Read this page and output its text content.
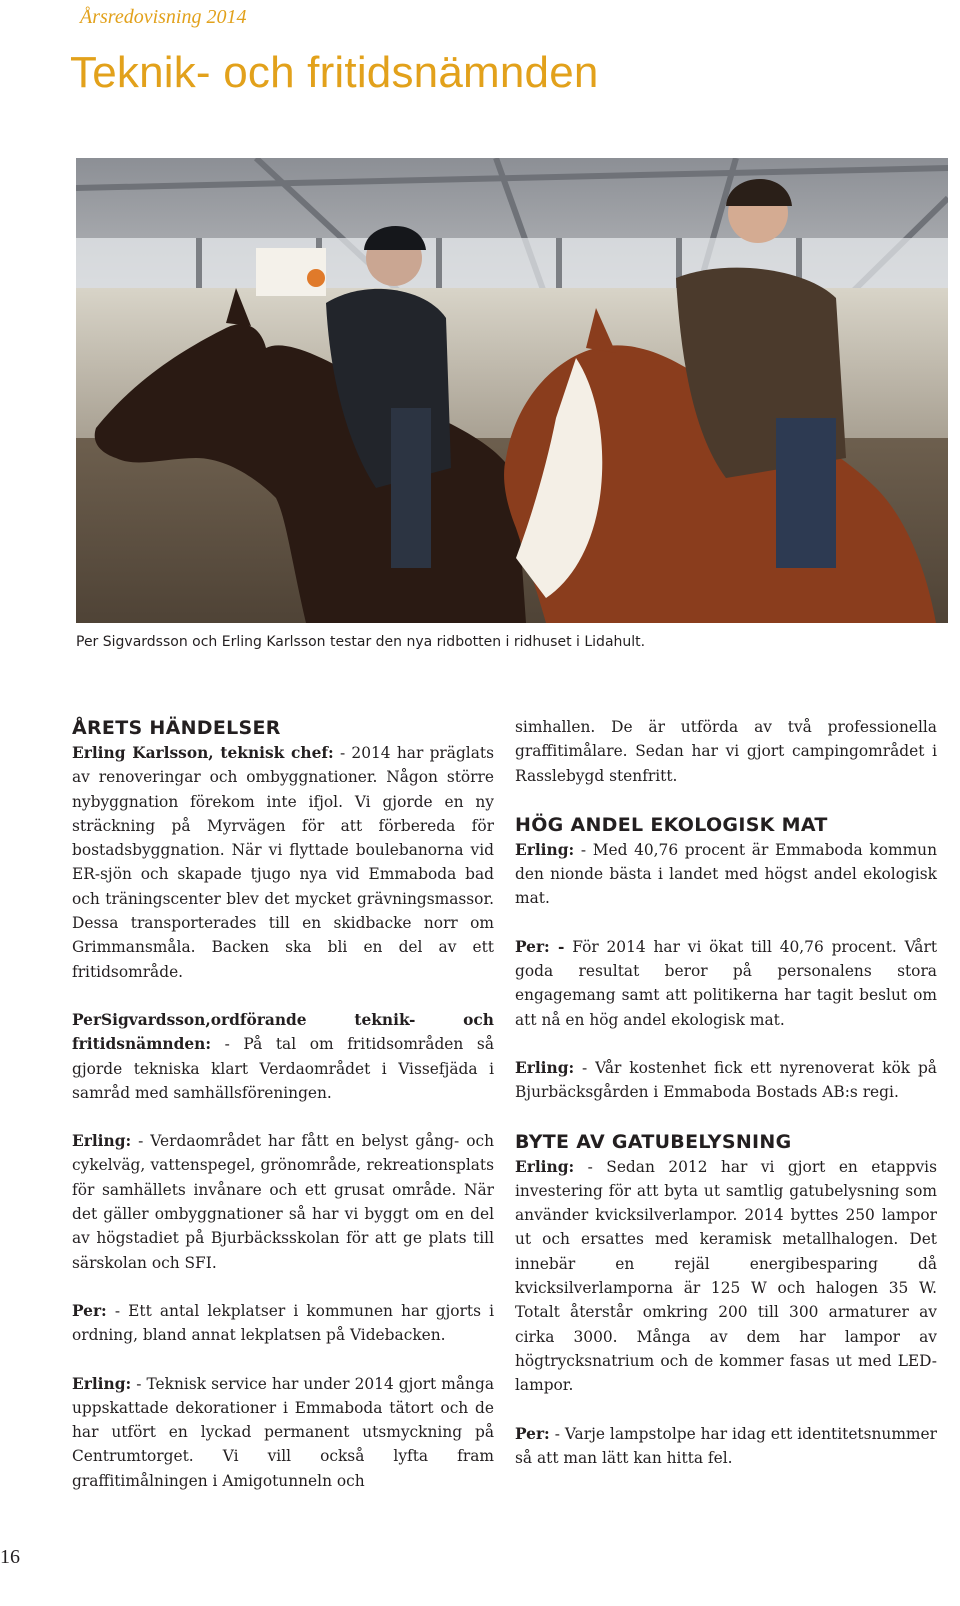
Årsredovisning 2014
Teknik- och fritidsnämnden
Per Sigvardsson och Erling Karlsson testar den nya ridbotten i ridhuset i Lidahult.
ÅRETS HÄNDELSER

Erling Karlsson, teknisk chef: - 2014 har präglats av renoveringar och ombyggnationer. Någon större nybyggnation förekom inte ifjol. Vi gjorde en ny sträckning på Myrvägen för att förbereda för bostadsbyggnation. När vi flyttade boulebanorna vid ER-sjön och skapade tjugo nya vid Emmaboda bad och träningscenter blev det mycket grävningsmassor. Dessa transporterades till en skidbacke norr om Grimmansmåla. Backen ska bli en del av ett fritidsområde.

PerSigvardsson,ordförande teknik- och fritidsnämnden: - På tal om fritidsområden så gjorde tekniska klart Verdaområdet i Vissefjäda i samråd med samhällsföreningen.

Erling: - Verdaområdet har fått en belyst gång- och cykelväg, vattenspegel, grönområde, rekreationsplats för samhällets invånare och ett grusat område. När det gäller ombyggnationer så har vi byggt om en del av högstadiet på Bjurbäcksskolan för att ge plats till särskolan och SFI.

Per: - Ett antal lekplatser i kommunen har gjorts i ordning, bland annat lekplatsen på Videbacken.

Erling: - Teknisk service har under 2014 gjort många uppskattade dekorationer i Emmaboda tätort och de har utfört en lyckad permanent utsmyckning på Centrumtorget. Vi vill också lyfta fram graffitimålningen i Amigotunneln och

simhallen. De är utförda av två professionella graffitimålare. Sedan har vi gjort campingområdet i Rasslebygd stenfritt.

HÖG ANDEL EKOLOGISK MAT

Erling: - Med 40,76 procent är Emmaboda kommun den nionde bästa i landet med högst andel ekologisk mat.

Per: - För 2014 har vi ökat till 40,76 procent. Vårt goda resultat beror på personalens stora engagemang samt att politikerna har tagit beslut om att nå en hög andel ekologisk mat.

Erling: - Vår kostenhet fick ett nyrenoverat kök på Bjurbäcksgården i Emmaboda Bostads AB:s regi.

BYTE AV GATUBELYSNING

Erling: - Sedan 2012 har vi gjort en etappvis investering för att byta ut samtlig gatubelysning som använder kvicksilverlampor. 2014 byttes 250 lampor ut och ersattes med keramisk metallhalogen. Det innebär en rejäl energibesparing då kvicksilverlamporna är 125 W och halogen 35 W. Totalt återstår omkring 200 till 300 armaturer av cirka 3000. Många av dem har lampor av högtrycksnatrium och de kommer fasas ut med LED-lampor.

Per: - Varje lampstolpe har idag ett identitetsnummer så att man lätt kan hitta fel.

16
